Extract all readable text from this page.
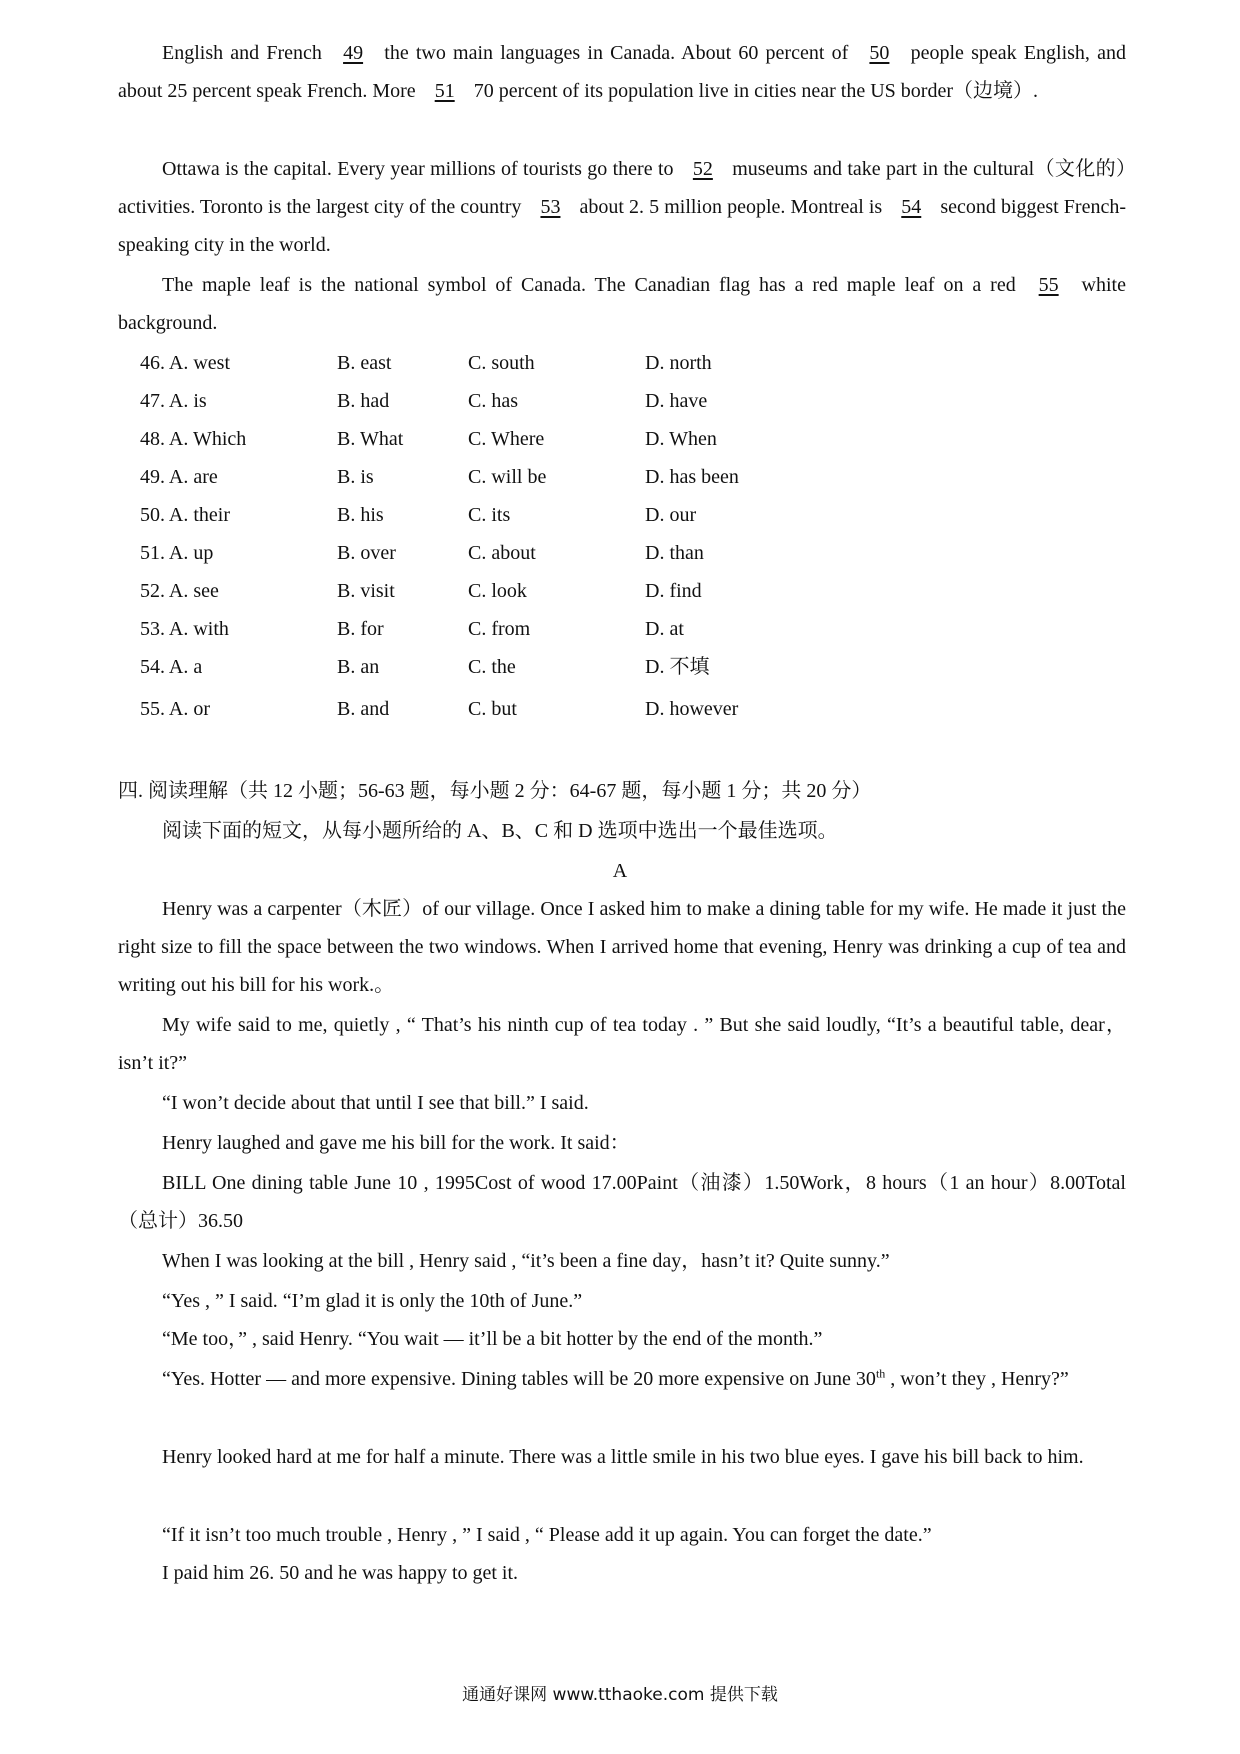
English and French 49 the two main languages in Canada. About 60 percent of 50 people speak English, and about 25 percent speak French. More 51 70 percent of its population live in cities near the US border（边境）.

Ottawa is the capital. Every year millions of tourists go there to 52 museums and take part in the cultural（文化的）activities. Toronto is the largest city of the country 53 about 2. 5 million people. Montreal is 54 second biggest French-speaking city in the world.

The maple leaf is the national symbol of Canada. The Canadian flag has a red maple leaf on a red 55 white background.

46. A. west	B. east	C. south	D. north
47. A. is	B. had	C. has	D. have
48. A. Which	B. What	C. Where	D. When
49. A. are	B. is	C. will be	D. has been
50. A. their	B. his	C. its	D. our
51. A. up	B. over	C. about	D. than
52. A. see	B. visit	C. look	D. find
53. A. with	B. for	C. from	D. at
54. A. a	B. an	C. the	D. 不填
55. A. or	B. and	C. but	D. however

四. 阅读理解（共 12 小题；56-63 题，每小题 2 分：64-67 题，每小题 1 分；共 20 分）

阅读下面的短文，从每小题所给的 A、B、C 和 D 选项中选出一个最佳选项。

A

Henry was a carpenter（木匠）of our village. Once I asked him to make a dining table for my wife. He made it just the right size to fill the space between the two windows. When I arrived home that evening, Henry was drinking a cup of tea and writing out his bill for his work.。

My wife said to me, quietly , “ That’s his ninth cup of tea today . ” But she said loudly, “It’s a beautiful table, dear，isn’t it?”

“I won’t decide about that until I see that bill.” I said.

Henry laughed and gave me his bill for the work. It said：

BILL One dining table June 10 , 1995Cost of wood 17.00Paint（油漆）1.50Work，8 hours（1 an hour）8.00Total（总计）36.50

When I was looking at the bill , Henry said , “it’s been a fine day，hasn’t it? Quite sunny.”

“Yes , ” I said. “I’m glad it is only the 10th of June.”

“Me too，” , said Henry. “You wait — it’ll be a bit hotter by the end of the month.”

“Yes. Hotter — and more expensive. Dining tables will be 20 more expensive on June 30th , won’t they , Henry?”

Henry looked hard at me for half a minute. There was a little smile in his two blue eyes. I gave his bill back to him.

“If it isn’t too much trouble , Henry , ” I said , “ Please add it up again. You can forget the date.”

I paid him 26. 50 and he was happy to get it.

通通好课网 www.tthaoke.com 提供下载
